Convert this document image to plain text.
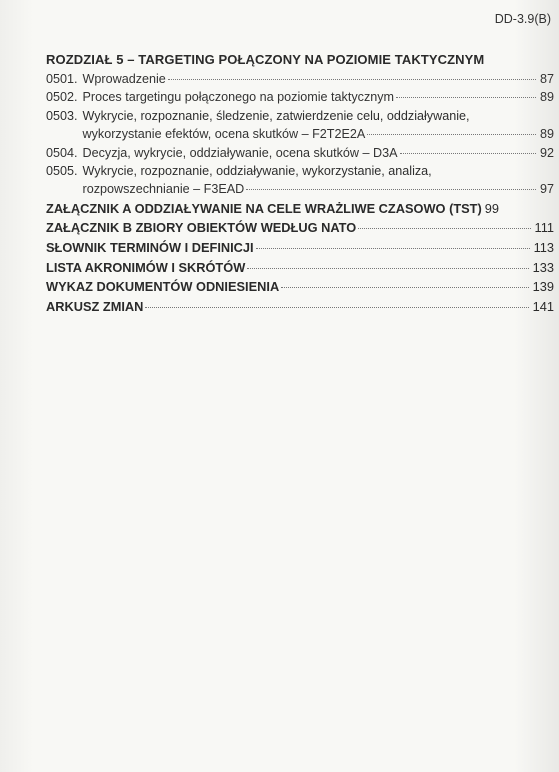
DD-3.9(B)
ROZDZIAŁ 5 – TARGETING POŁĄCZONY NA POZIOMIE TAKTYCZNYM
0501. Wprowadzenie	87
0502. Proces targetingu połączonego na poziomie taktycznym	89
0503. Wykrycie, rozpoznanie, śledzenie, zatwierdzenie celu, oddziaływanie,
wykorzystanie efektów, ocena skutków – F2T2E2A	89
0504. Decyzja, wykrycie, oddziaływanie, ocena skutków – D3A	92
0505. Wykrycie, rozpoznanie, oddziaływanie, wykorzystanie, analiza,
rozpowszechnianie – F3EAD	97
ZAŁĄCZNIK A ODDZIAŁYWANIE NA CELE WRAŻLIWE CZASOWO (TST) 99
ZAŁĄCZNIK B ZBIORY OBIEKTÓW WEDŁUG NATO	111
SŁOWNIK TERMINÓW I DEFINICJI	113
LISTA AKRONIMÓW I SKRÓTÓW	133
WYKAZ DOKUMENTÓW ODNIESIENIA	139
ARKUSZ ZMIAN	141
